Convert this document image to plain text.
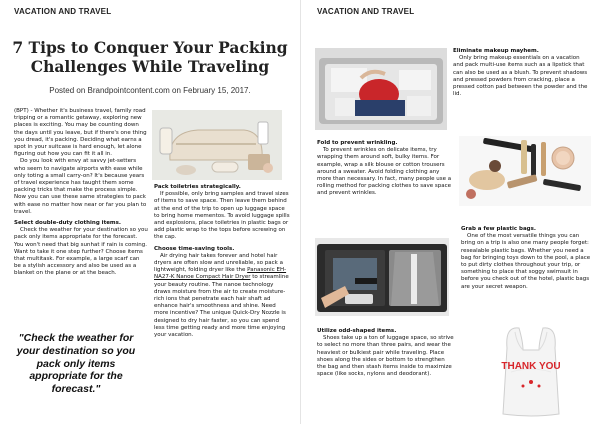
VACATION AND TRAVEL
7 Tips to Conquer Your Packing Challenges While Traveling
Posted on Brandpointcontent.com on February 15, 2017.

(BPT) - Whether it's business travel, family road tripping or a romantic getaway, exploring new places is exciting. You may be counting down the days until you leave, but if there's one thing you dread, it's packing. Deciding what earns a spot in your suitcase is hard enough, let alone figuring out how you can fit it all in.

Do you look with envy at savvy jet-setters who seem to navigate airports with ease while only toting a small carry-on? It's because years of travel experience has taught them some packing tricks that make the process simple. Now you can use these same strategies to pack with ease no matter how near or far you plan to travel.

Select double-duty clothing items.

Check the weather for your destination so you pack only items appropriate for the forecast. You won't need that big sunhat if rain is coming. Want to take it one step further? Choose items that multitask. For example, a large scarf can be a stylish accessory and also be used as a blanket on the plane or at the beach.

"Check the weather for your destination so you pack only items appropriate for the forecast."

Pack toiletries strategically.

If possible, only bring samples and travel sizes of items to save space. Then leave them behind at the end of the trip to open up luggage space to bring home mementos. To avoid luggage spills and explosions, place toiletries in plastic bags or add plastic wrap to the tops before screwing on the cap.

Choose time-saving tools.

Air drying hair takes forever and hotel hair dryers are often slow and unreliable, so pack a lightweight, folding dryer like the Panasonic EH-NA27-K Nanoe Compact Hair Dryer to streamline your beauty routine. The nanoe technology draws moisture from the air to create moisture-rich ions that penetrate each hair shaft ad enhance hair's smoothness and shine. Need more incentive? The unique Quick-Dry Nozzle is designed to dry hair faster, so you can spend less time getting ready and more time enjoying your vacation.

VACATION AND TRAVEL

Eliminate makeup mayhem.

Only bring makeup essentials on a vacation and pack multi-use items such as a lipstick that can also be used as a blush. To prevent shadows and pressed powders from cracking, place a pressed cotton pad between the powder and the lid.

Fold to prevent wrinkling.

To prevent wrinkles on delicate items, try wrapping them around soft, bulky items. For example, wrap a silk blouse or cotton trousers around a sweater. Avoid folding clothing any more than necessary. In fact, many people use a rolling method for packing clothes to save space and prevent wrinkles.

Grab a few plastic bags.

One of the most versatile things you can bring on a trip is also one many people forget: resealable plastic bags. Whether you need a bag for bringing toys down to the pool, a place to put dirty clothes throughout your trip, or something to place that soggy swimsuit in before you check out of the hotel, plastic bags are your secret weapon.

Utilize odd-shaped items.

Shoes take up a ton of luggage space, so strive to select no more than three pairs, and wear the heaviest or bulkiest pair while traveling. Place shoes along the sides or bottom to strengthen the bag and then stash items inside to maximize space (like socks, nylons and deodorant).

THANK YOU
